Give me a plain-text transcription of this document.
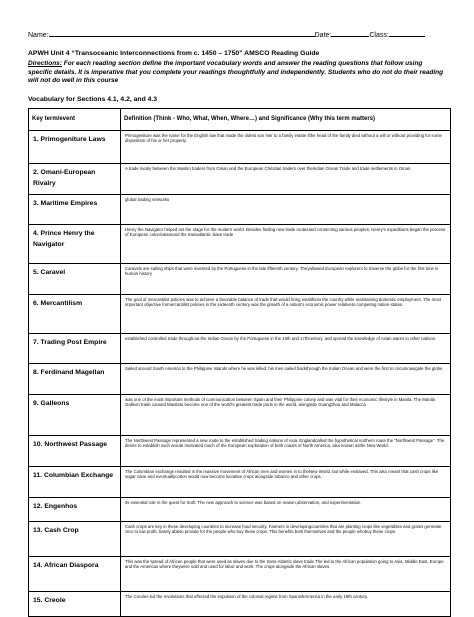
Name:	Date:	Class:
APWH Unit 4 “Transoceanic Interconnections from c. 1450 – 1750” AMSCO Reading Guide
Directions: For each reading section define the important vocabulary words and answer the reading questions that follow using specific details. It is imperative that you complete your readings thoughtfully and independently. Students who do not do their reading will not do well in this course
Vocabulary for Sections 4.1, 4.2, and 4.3
Key term/event	Definition (Think - Who, What, When, Where…) and Significance (Why this term matters)
1. Primogeniture Laws	Primogeniture was the name for the English law that made the oldest son heir to a family estate ifthe head of the family died without a will or without providing for some disposition of his or her property.
2. Omani-European Rivalry	A trade rivalry between the Muslim traders from Oman and the European Christian traders over theIndian Ocean Trade and trade settlements in Oman.
3. Maritime Empires	global trading networks
4. Prince Henry the Navigator	Henry the Navigator helped set the stage for the modern world. Besides finding new trade routesand connecting various peoples, Henry's expeditions began the process of European colonizationand the transatlantic slave trade
5. Caravel	Caravels are sailing ships that were invented by the Portuguese in the late fifteenth century. Theyallowed European explorers to traverse the globe for the first time in human history
6. Mercantilism	The goal of mercantilist policies was to achieve a favorable balance of trade that would bring wealthinto the country while maintaining domestic employment. The most important objective formercantilist policies in the sixteenth century was the growth of a nation's economic power relativeto competing nation-states.
7. Trading Post Empire	established controlled trade throughout the Indian Ocean by the Portuguese in the 16th and 17thcentury, and spread the knowledge of Asian wares to other nations.
8. Ferdinand Magellan	Sailed around South America to the Philippine Islands where he was killed: his men sailed backthrough the Indian Ocean and were the first to circumnavigate the globe
9. Galleons	was one of the most important methods of communication between Spain and their Philippine colony and was vital for their economic lifestyle in Manila. The Manila Galleon trade caused Manilato become one of the world's greatest trade ports in the world, alongside Guangzhou and Malacca
10. Northwest Passage	The Northwest Passage represented a new route to the established trading nations of Asia. Englandcalled the hypothetical northern route the "Northwest Passage". The desire to establish such aroute motivated much of the European exploration of both coasts of North America, also known asthe New World.
11. Columbian Exchange	The Columbian exchange resulted in the massive movement of African men and women in to theNew World, but while enslaved. This also meant that cash crops like sugar cane and eventuallycotton would now become lucrative crops alongside tobacco and other crops.
12. Engenhos	its essential role in the quest for truth. The new approach to science was based on reason,observation, and experimentation
13. Cash Crop	Cash crops are key in these developing countries to increase food security. Farmers in developingcountries that are planting crops like vegetables and grains generate zero to low profit, barely ableto provide for the people who buy these crops. This benefits both themselves and the people whobuy these crops.
14. African Diaspora	This was the spread of African people that were used as slaves due to the trans-Atlantic slave trade.The led to the African population going to Asia, Middle East, Europe and the Americas where theywere sold and used for labor and work. The crops alongside the African slaves.
15. Creole	The Creoles led the revolutions that effected the expulsion of the colonial regime from SpanishAmerica in the early 19th century.
